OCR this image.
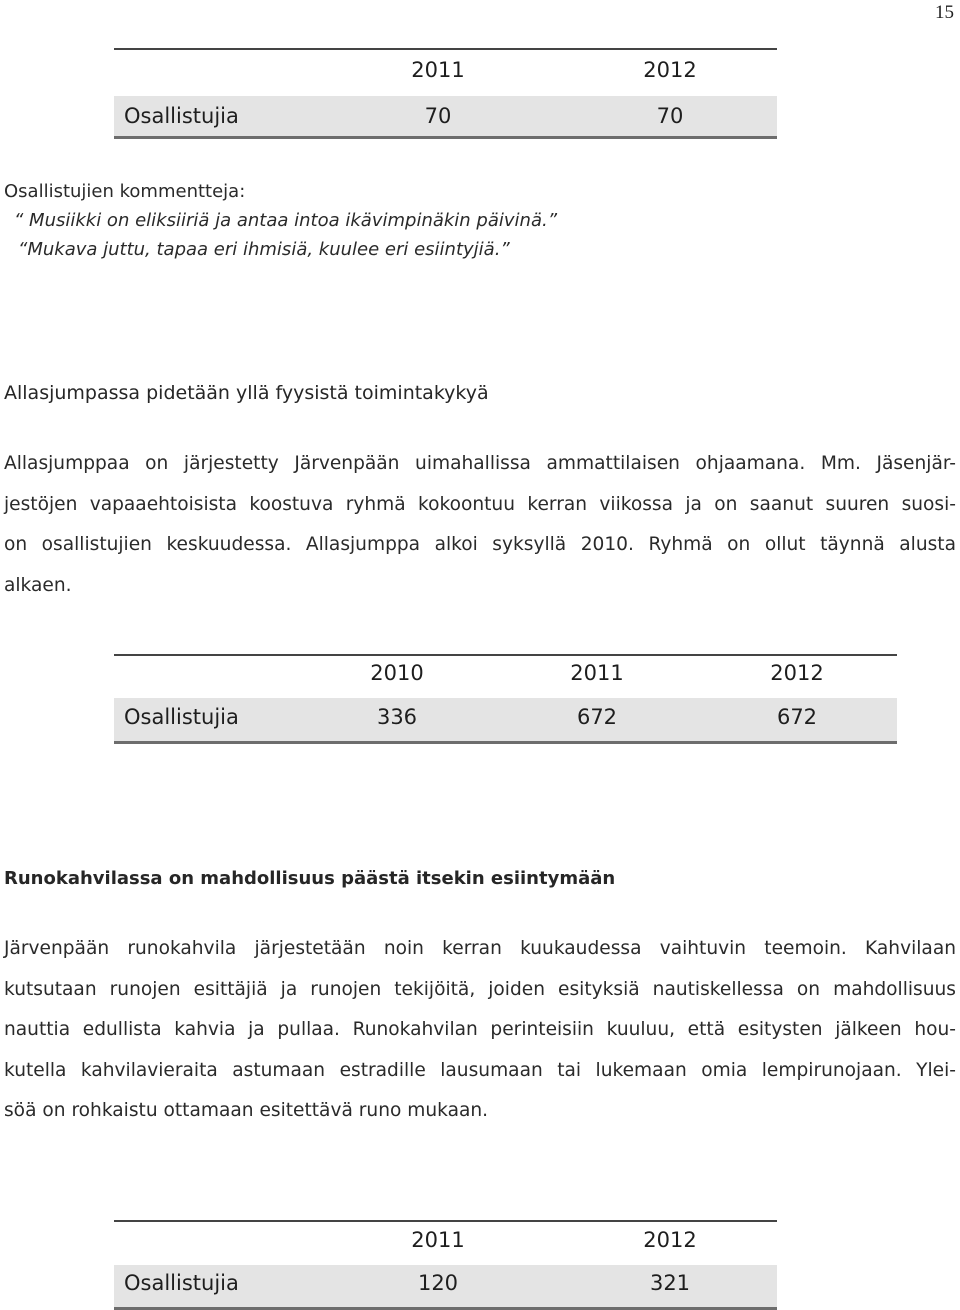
15
2011	2012
Osallistujia	70	70
Osallistujien kommentteja:
“ Musiikki on eliksiiriä ja antaa intoa ikävimpinäkin päivinä.”
“Mukava juttu, tapaa eri ihmisiä, kuulee eri esiintyjiä.”
Allasjumpassa pidetään yllä fyysistä toimintakykyä
Allasjumppaa on järjestetty Järvenpään uimahallissa ammattilaisen ohjaamana. Mm. Jäsenjär-
jestöjen vapaaehtoisista koostuva ryhmä kokoontuu kerran viikossa ja on saanut suuren suosi-
on osallistujien keskuudessa. Allasjumppa alkoi syksyllä 2010. Ryhmä on ollut täynnä alusta
alkaen.
2010	2011	2012
Osallistujia	336	672	672
Runokahvilassa on mahdollisuus päästä itsekin esiintymään
Järvenpään runokahvila järjestetään noin kerran kuukaudessa vaihtuvin teemoin. Kahvilaan
kutsutaan runojen esittäjiä ja runojen tekijöitä, joiden esityksiä nautiskellessa on mahdollisuus
nauttia edullista kahvia ja pullaa. Runokahvilan perinteisiin kuuluu, että esitysten jälkeen hou-
kutella kahvilavieraita astumaan estradille lausumaan tai lukemaan omia lempirunojaan. Ylei-
söä on rohkaistu ottamaan esitettävä runo mukaan.
2011	2012
Osallistujia	120	321
